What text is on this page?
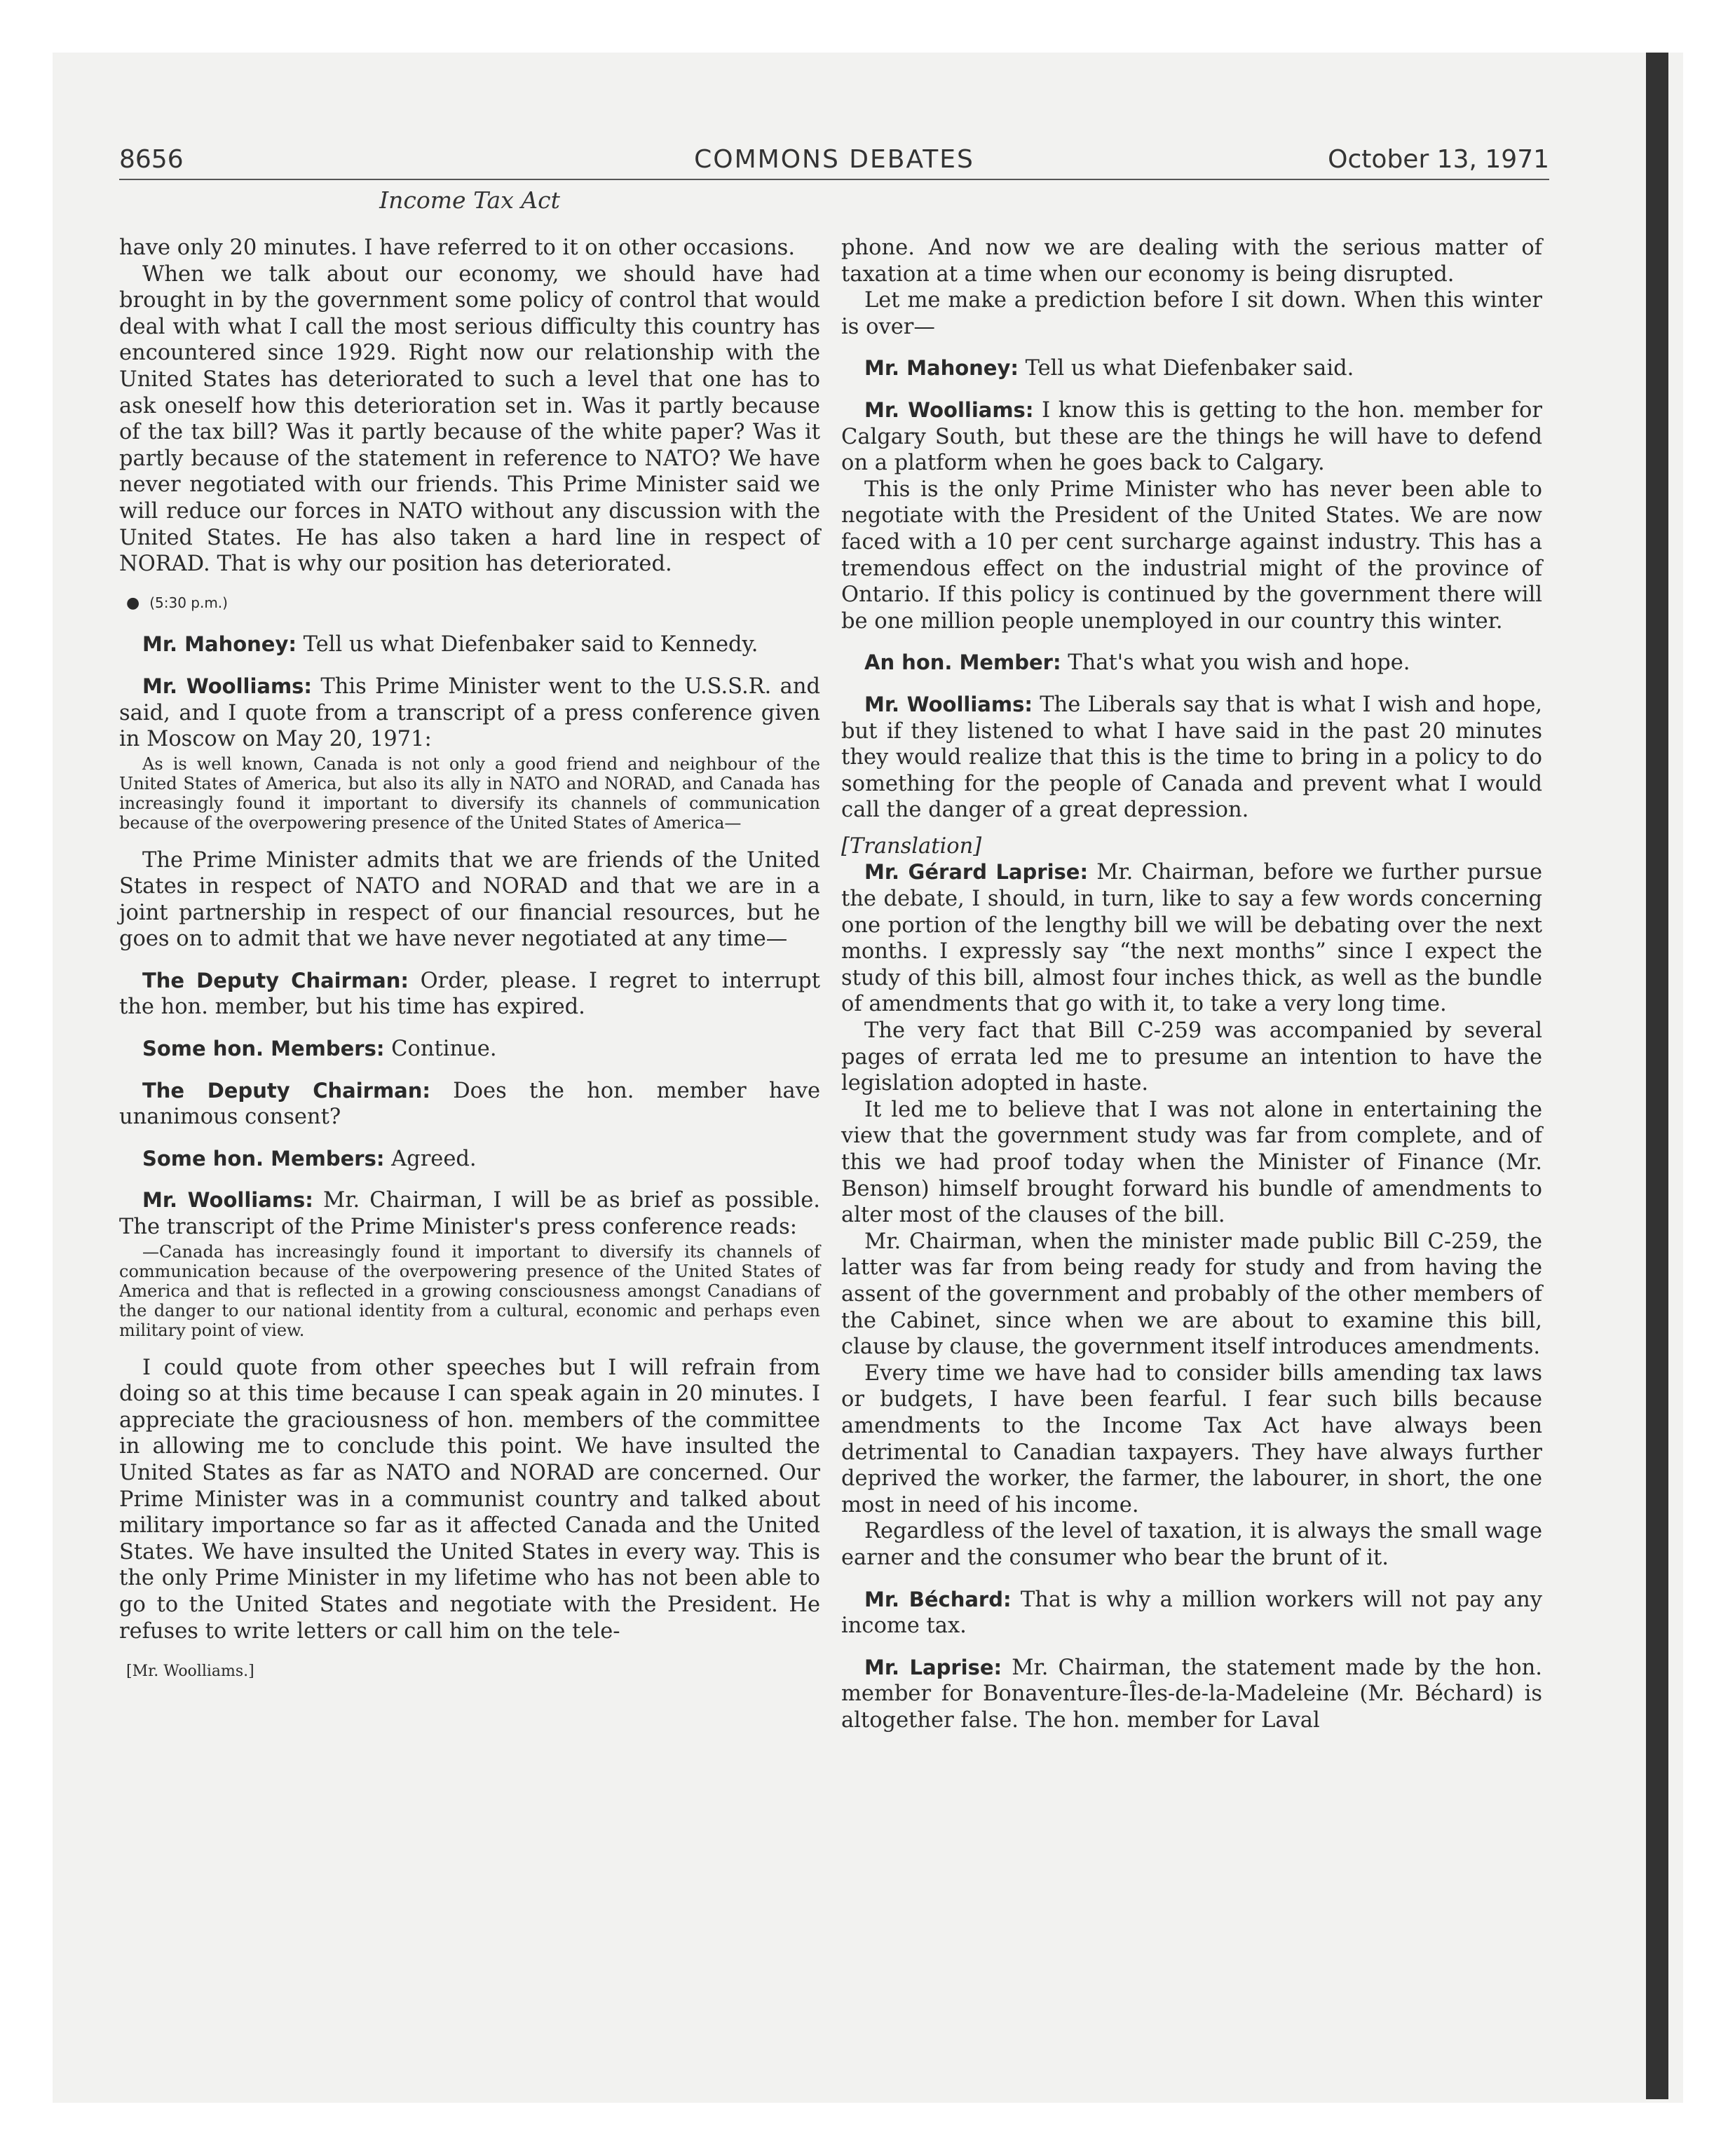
8656	COMMONS DEBATES	October 13, 1971
Income Tax Act

have only 20 minutes. I have referred to it on other occasions.

When we talk about our economy, we should have had brought in by the government some policy of control that would deal with what I call the most serious difficulty this country has encountered since 1929. Right now our relationship with the United States has deteriorated to such a level that one has to ask oneself how this deterioration set in. Was it partly because of the tax bill? Was it partly because of the white paper? Was it partly because of the statement in reference to NATO? We have never negotiated with our friends. This Prime Minister said we will reduce our forces in NATO without any discussion with the United States. He has also taken a hard line in respect of NORAD. That is why our position has deteriorated.

● (5:30 p.m.)

Mr. Mahoney: Tell us what Diefenbaker said to Kennedy.

Mr. Woolliams: This Prime Minister went to the U.S.S.R. and said, and I quote from a transcript of a press conference given in Moscow on May 20, 1971:

As is well known, Canada is not only a good friend and neighbour of the United States of America, but also its ally in NATO and NORAD, and Canada has increasingly found it important to diversify its channels of communication because of the overpowering presence of the United States of America—

The Prime Minister admits that we are friends of the United States in respect of NATO and NORAD and that we are in a joint partnership in respect of our financial resources, but he goes on to admit that we have never negotiated at any time—

The Deputy Chairman: Order, please. I regret to interrupt the hon. member, but his time has expired.

Some hon. Members: Continue.

The Deputy Chairman: Does the hon. member have unanimous consent?

Some hon. Members: Agreed.

Mr. Woolliams: Mr. Chairman, I will be as brief as possible. The transcript of the Prime Minister's press conference reads:

—Canada has increasingly found it important to diversify its channels of communication because of the overpowering presence of the United States of America and that is reflected in a growing consciousness amongst Canadians of the danger to our national identity from a cultural, economic and perhaps even military point of view.

I could quote from other speeches but I will refrain from doing so at this time because I can speak again in 20 minutes. I appreciate the graciousness of hon. members of the committee in allowing me to conclude this point. We have insulted the United States as far as NATO and NORAD are concerned. Our Prime Minister was in a communist country and talked about military importance so far as it affected Canada and the United States. We have insulted the United States in every way. This is the only Prime Minister in my lifetime who has not been able to go to the United States and negotiate with the President. He refuses to write letters or call him on the tele-

[Mr. Woolliams.]

phone. And now we are dealing with the serious matter of taxation at a time when our economy is being disrupted.

Let me make a prediction before I sit down. When this winter is over—

Mr. Mahoney: Tell us what Diefenbaker said.

Mr. Woolliams: I know this is getting to the hon. member for Calgary South, but these are the things he will have to defend on a platform when he goes back to Calgary.

This is the only Prime Minister who has never been able to negotiate with the President of the United States. We are now faced with a 10 per cent surcharge against industry. This has a tremendous effect on the industrial might of the province of Ontario. If this policy is continued by the government there will be one million people unemployed in our country this winter.

An hon. Member: That's what you wish and hope.

Mr. Woolliams: The Liberals say that is what I wish and hope, but if they listened to what I have said in the past 20 minutes they would realize that this is the time to bring in a policy to do something for the people of Canada and prevent what I would call the danger of a great depression.

[Translation]

Mr. Gérard Laprise: Mr. Chairman, before we further pursue the debate, I should, in turn, like to say a few words concerning one portion of the lengthy bill we will be debating over the next months. I expressly say “the next months” since I expect the study of this bill, almost four inches thick, as well as the bundle of amendments that go with it, to take a very long time.

The very fact that Bill C-259 was accompanied by several pages of errata led me to presume an intention to have the legislation adopted in haste.

It led me to believe that I was not alone in entertaining the view that the government study was far from complete, and of this we had proof today when the Minister of Finance (Mr. Benson) himself brought forward his bundle of amendments to alter most of the clauses of the bill.

Mr. Chairman, when the minister made public Bill C-259, the latter was far from being ready for study and from having the assent of the government and probably of the other members of the Cabinet, since when we are about to examine this bill, clause by clause, the government itself introduces amendments.

Every time we have had to consider bills amending tax laws or budgets, I have been fearful. I fear such bills because amendments to the Income Tax Act have always been detrimental to Canadian taxpayers. They have always further deprived the worker, the farmer, the labourer, in short, the one most in need of his income.

Regardless of the level of taxation, it is always the small wage earner and the consumer who bear the brunt of it.

Mr. Béchard: That is why a million workers will not pay any income tax.

Mr. Laprise: Mr. Chairman, the statement made by the hon. member for Bonaventure-Îles-de-la-Madeleine (Mr. Béchard) is altogether false. The hon. member for Laval
